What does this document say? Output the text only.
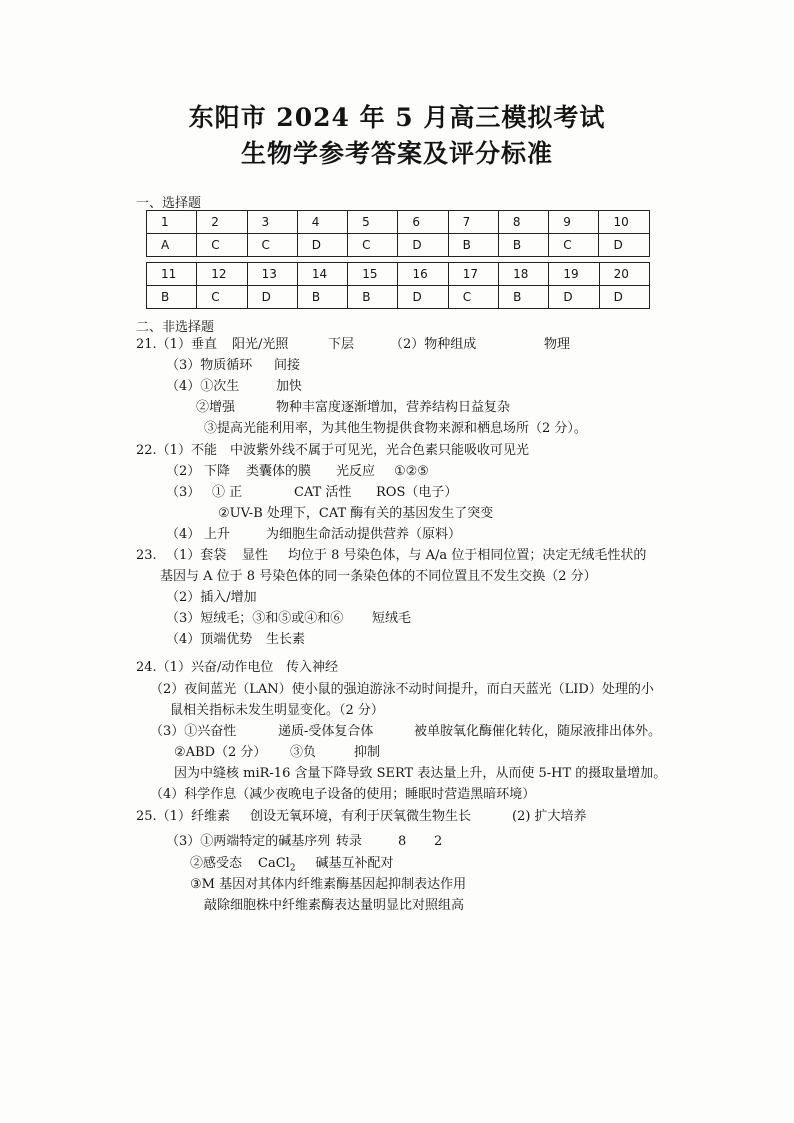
东阳市 2024 年 5 月高三模拟考试
生物学参考答案及评分标准
一、选择题
1	2	3	4	5	6	7	8	9	10
A	C	C	D	C	D	B	B	C	D
11	12	13	14	15	16	17	18	19	20
B	C	D	B	B	D	C	B	D	D
二、非选择题
21.（1）垂直 阳光/光照	下层	（2）物种组成	物理
（3）物质循环 间接
（4）①次生	加快
②增强	物种丰富度逐渐增加，营养结构日益复杂
③提高光能利用率，为其他生物提供食物来源和栖息场所（2 分）。
22.（1）不能　中波紫外线不属于可见光，光合色素只能吸收可见光
（2） 下降 类囊体的膜 光反应 ①②⑤
（3） ① 正	CAT 活性 ROS（电子）
②UV-B 处理下，CAT 酶有关的基因发生了突变
（4） 上升	为细胞生命活动提供营养（原料）
23. （1）套袋 显性 均位于 8 号染色体，与 A/a 位于相同位置；决定无绒毛性状的
基因与 A 位于 8 号染色体的同一条染色体的不同位置且不发生交换（2 分）
（2）插入/增加
（3）短绒毛；③和⑤或④和⑥ 短绒毛
（4）顶端优势 生长素
24.（1）兴奋/动作电位 传入神经
（2）夜间蓝光（LAN）使小鼠的强迫游泳不动时间提升，而白天蓝光（LID）处理的小
鼠相关指标未发生明显变化。（2 分）
（3）①兴奋性	递质-受体复合体	被单胺氧化酶催化转化，随尿液排出体外。
②ABD（2 分） ③负	抑制
因为中缝核 miR-16 含量下降导致 SERT 表达量上升，从而使 5-HT 的摄取量增加。
（4）科学作息（减少夜晚电子设备的使用；睡眠时营造黑暗环境）
25.（1）纤维素 创设无氧环境，有利于厌氧微生物生长	(2) 扩大培养
（3）①两端特定的碱基序列 转录	8 2
②感受态 CaCl$_2$ 碱基互补配对
③M 基因对其体内纤维素酶基因起抑制表达作用
敲除细胞株中纤维素酶表达量明显比对照组高
